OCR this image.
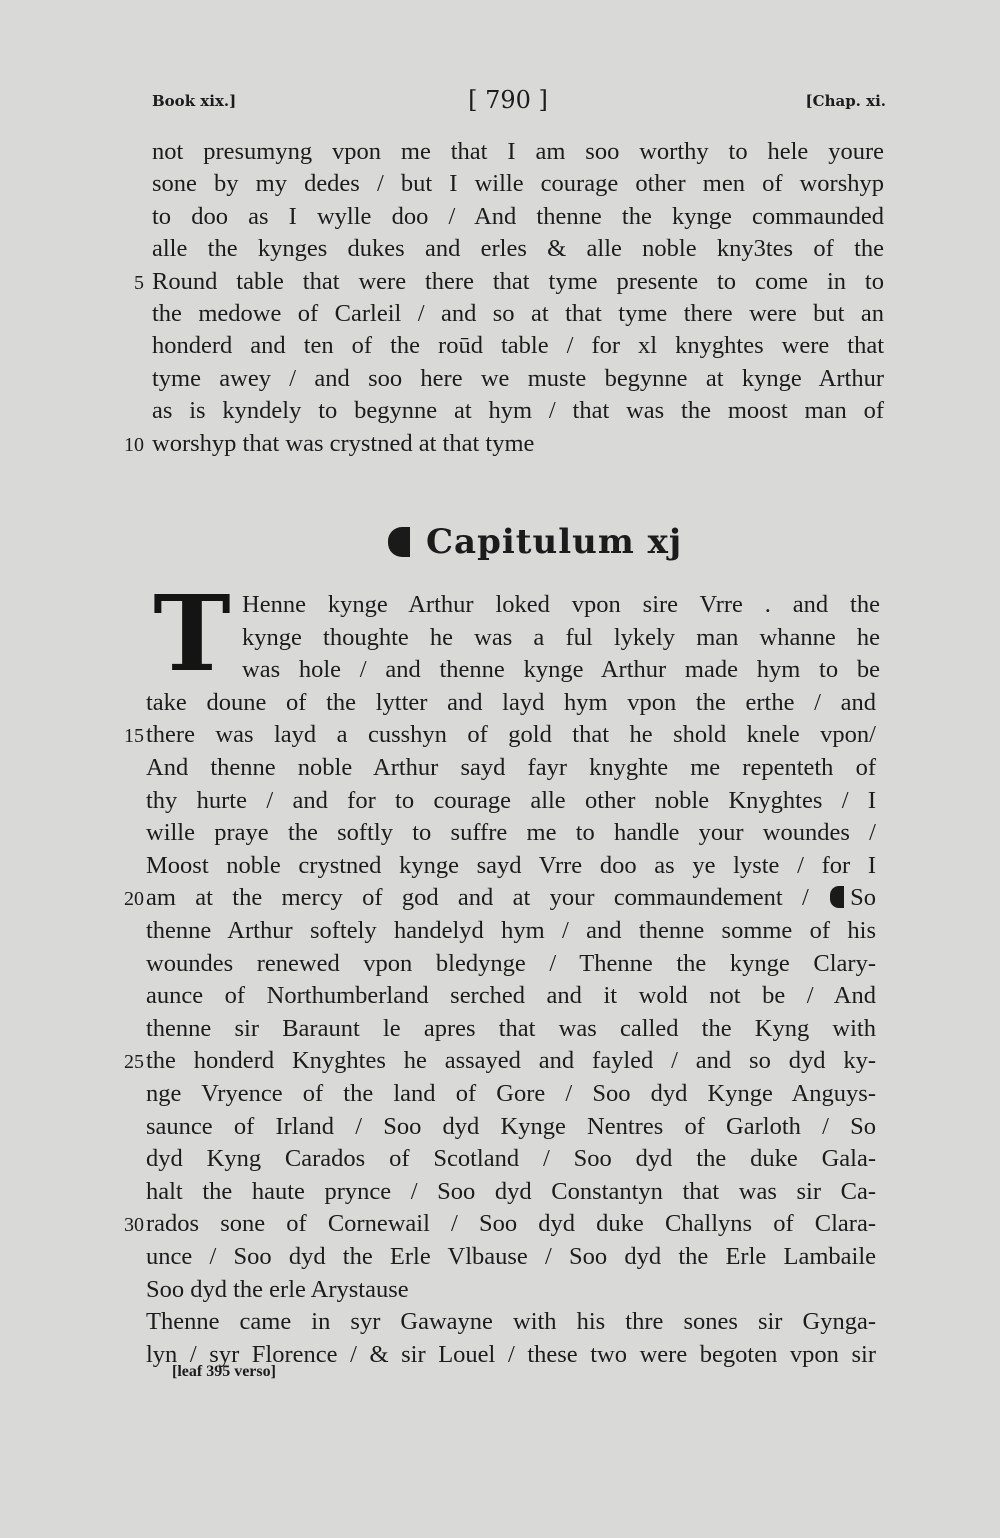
Book xix.]	[ 790 ]	[Chap. xi.
not presumyng vpon me that I am soo worthy to hele youre
sone by my dedes / but I wille courage other men of worshyp
to doo as I wylle doo / And thenne the kynge commaunded
alle the kynges dukes and erles & alle noble kny3tes of the
Round table that were there that tyme presente to come in to
5
the medowe of Carleil / and so at that tyme there were but an
honderd and ten of the roūd table / for xl knyghtes were that
tyme awey / and soo here we muste begynne at kynge Arthur
as is kyndely to begynne at hym / that was the moost man of
worshyp that was crystned at that tyme
10
Capitulum xj
T Henne kynge Arthur loked vpon sire Vrre . and the
kynge thoughte he was a ful lykely man whanne he
was hole / and thenne kynge Arthur made hym to be
take doune of the lytter and layd hym vpon the erthe / and
there was layd a cusshyn of gold that he shold knele vpon/
15
And thenne noble Arthur sayd fayr knyghte me repenteth of
thy hurte / and for to courage alle other noble Knyghtes / I
wille praye the softly to suffre me to handle your woundes /
Moost noble crystned kynge sayd Vrre doo as ye lyste / for I
am at the mercy of god and at your commaundement / So
20
thenne Arthur softely handelyd hym / and thenne somme of his
woundes renewed vpon bledynge / Thenne the kynge Clary-
aunce of Northumberland serched and it wold not be / And
thenne sir Baraunt le apres that was called the Kyng with
the honderd Knyghtes he assayed and fayled / and so dyd ky-
25
nge Vryence of the land of Gore / Soo dyd Kynge Anguys-
saunce of Irland / Soo dyd Kynge Nentres of Garloth / So
dyd Kyng Carados of Scotland / Soo dyd the duke Gala-
halt the haute prynce / Soo dyd Constantyn that was sir Ca-
rados sone of Cornewail / Soo dyd duke Challyns of Clara-
30
unce / Soo dyd the Erle Vlbause / Soo dyd the Erle Lambaile
Soo dyd the erle Arystause
Thenne came in syr Gawayne with his thre sones sir Gynga-
lyn / syr Florence / & sir Louel / these two were begoten vpon sir
[leaf 395 verso]
